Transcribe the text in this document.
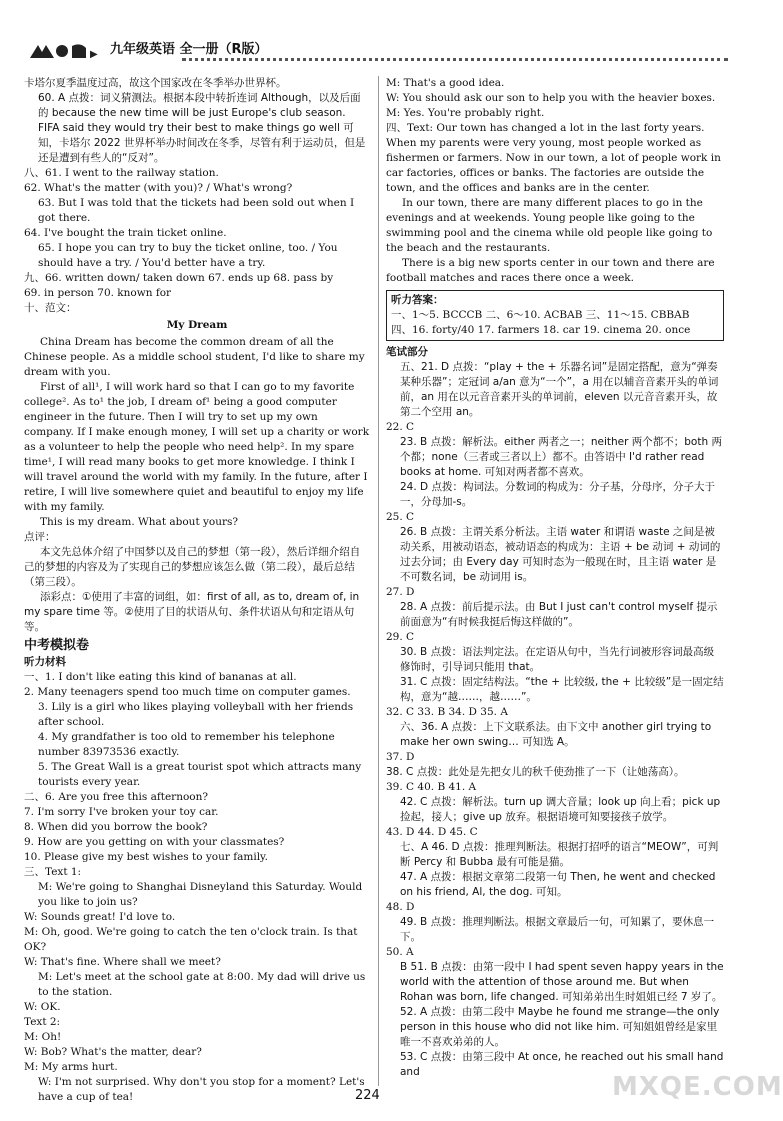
▶ 九年级英语 全一册（R版）

卡塔尔夏季温度过高，故这个国家改在冬季举办世界杯。

60. A 点拨：词义猜测法。根据本段中转折连词 Although，以及后面的 because the new time will be just Europe's club season. FIFA said they would try their best to make things go well 可知，卡塔尔 2022 世界杯举办时间改在冬季，尽管有利于运动员，但是还是遭到有些人的“反对”。

八、61. I went to the railway station.

62. What's the matter (with you)? / What's wrong?

63. But I was told that the tickets had been sold out when I got there.

64. I've bought the train ticket online.

65. I hope you can try to buy the ticket online, too. / You should have a try. / You'd better have a try.

九、66. written down/ taken down 67. ends up 68. pass by

69. in person 70. known for

十、范文：

My Dream

China Dream has become the common dream of all the Chinese people. As a middle school student, I'd like to share my dream with you.

First of all¹, I will work hard so that I can go to my favorite college². As to¹ the job, I dream of¹ being a good computer engineer in the future. Then I will try to set up my own company. If I make enough money, I will set up a charity or work as a volunteer to help the people who need help². In my spare time¹, I will read many books to get more knowledge. I think I will travel around the world with my family. In the future, after I retire, I will live somewhere quiet and beautiful to enjoy my life with my family.

This is my dream. What about yours?

点评：

本文先总体介绍了中国梦以及自己的梦想（第一段），然后详细介绍自己的梦想的内容及为了实现自己的梦想应该怎么做（第二段），最后总结（第三段）。

添彩点：①使用了丰富的词组，如：first of all, as to, dream of, in my spare time 等。②使用了目的状语从句、条件状语从句和定语从句等。

中考模拟卷

听力材料

一、1. I don't like eating this kind of bananas at all.

2. Many teenagers spend too much time on computer games.

3. Lily is a girl who likes playing volleyball with her friends after school.

4. My grandfather is too old to remember his telephone number 83973536 exactly.

5. The Great Wall is a great tourist spot which attracts many tourists every year.

二、6. Are you free this afternoon?

7. I'm sorry I've broken your toy car.

8. When did you borrow the book?

9. How are you getting on with your classmates?

10. Please give my best wishes to your family.

三、Text 1:

M: We're going to Shanghai Disneyland this Saturday. Would you like to join us?

W: Sounds great! I'd love to.

M: Oh, good. We're going to catch the ten o'clock train. Is that OK?

W: That's fine. Where shall we meet?

M: Let's meet at the school gate at 8:00. My dad will drive us to the station.

W: OK.

Text 2:

M: Oh!

W: Bob? What's the matter, dear?

M: My arms hurt.

W: I'm not surprised. Why don't you stop for a moment? Let's have a cup of tea!

M: That's a good idea.

W: You should ask our son to help you with the heavier boxes.

M: Yes. You're probably right.

四、Text: Our town has changed a lot in the last forty years. When my parents were very young, most people worked as fishermen or farmers. Now in our town, a lot of people work in car factories, offices or banks. The factories are outside the town, and the offices and banks are in the center.

In our town, there are many different places to go in the evenings and at weekends. Young people like going to the swimming pool and the cinema while old people like going to the beach and the restaurants.

There is a big new sports center in our town and there are football matches and races there once a week.

听力答案：

一、1～5. BCCCB 二、6～10. ACBAB 三、11～15. CBBAB

四、16. forty/40 17. farmers 18. car 19. cinema 20. once

笔试部分

五、21. D 点拨：“play + the + 乐器名词”是固定搭配，意为“弹奏某种乐器”；定冠词 a/an 意为“一个”，a 用在以辅音音素开头的单词前，an 用在以元音音素开头的单词前，eleven 以元音音素开头，故第二个空用 an。

22. C

23. B 点拨：解析法。either 两者之一；neither 两个都不；both 两个都；none（三者或三者以上）都不。由答语中 I'd rather read books at home. 可知对两者都不喜欢。

24. D 点拨：构词法。分数词的构成为：分子基，分母序，分子大于一，分母加-s。

25. C

26. B 点拨：主谓关系分析法。主语 water 和谓语 waste 之间是被动关系，用被动语态，被动语态的构成为：主语 + be 动词 + 动词的过去分词；由 Every day 可知时态为一般现在时，且主语 water 是不可数名词，be 动词用 is。

27. D

28. A 点拨：前后提示法。由 But I just can't control myself 提示前面意为“有时候我挺后悔这样做的”。

29. C

30. B 点拨：语法判定法。在定语从句中，当先行词被形容词最高级修饰时，引导词只能用 that。

31. C 点拨：固定结构法。“the + 比较级, the + 比较级”是一固定结构，意为“越……，越……”。

32. C 33. B 34. D 35. A

六、36. A 点拨：上下文联系法。由下文中 another girl trying to make her own swing… 可知选 A。

37. D

38. C 点拨：此处是先把女儿的秋千使劲推了一下（让她荡高）。

39. C 40. B 41. A

42. C 点拨：解析法。turn up 调大音量；look up 向上看；pick up 捡起，接人；give up 放弃。根据语境可知要接孩子放学。

43. D 44. D 45. C

七、A 46. D 点拨：推理判断法。根据打招呼的语言“MEOW”，可判断 Percy 和 Bubba 最有可能是猫。

47. A 点拨：根据文章第二段第一句 Then, he went and checked on his friend, Al, the dog. 可知。

48. D

49. B 点拨：推理判断法。根据文章最后一句，可知累了，要休息一下。

50. A

B 51. B 点拨：由第一段中 I had spent seven happy years in the world with the attention of those around me. But when Rohan was born, life changed. 可知弟弟出生时姐姐已经 7 岁了。

52. A 点拨：由第二段中 Maybe he found me strange—the only person in this house who did not like him. 可知姐姐曾经是家里唯一不喜欢弟弟的人。

53. C 点拨：由第三段中 At once, he reached out his small hand and

224	MXQE.COM
